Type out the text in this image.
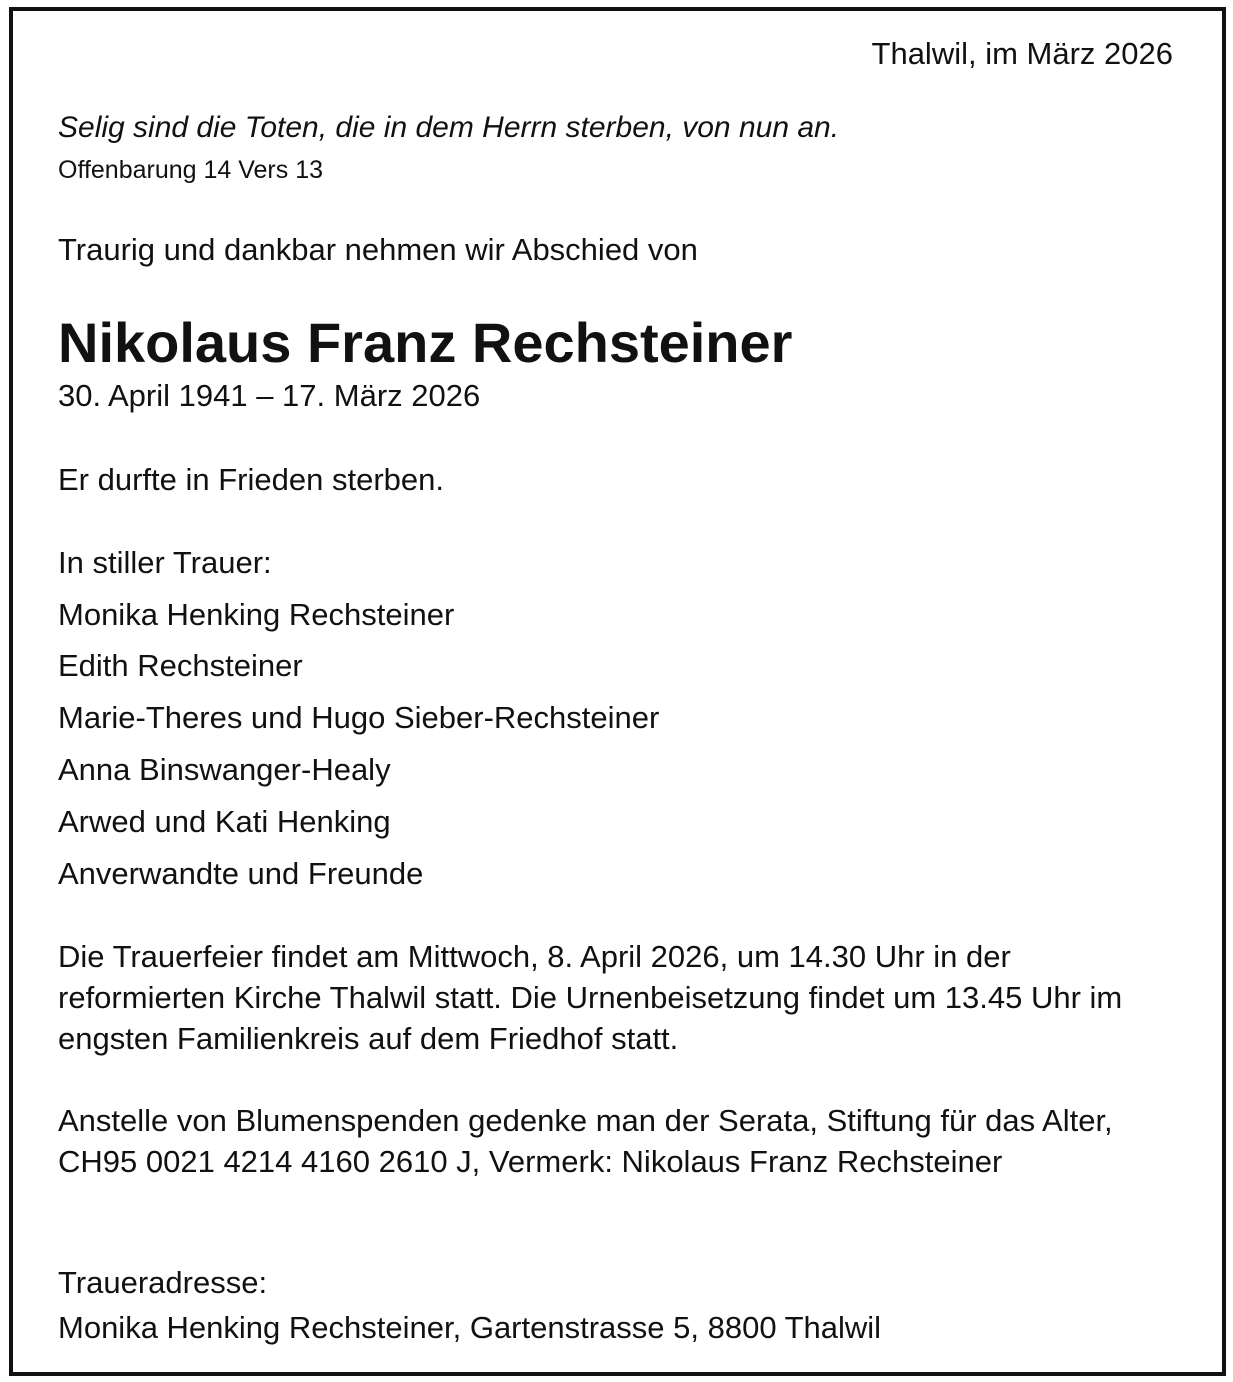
Thalwil, im März 2026

Selig sind die Toten, die in dem Herrn sterben, von nun an.

Offenbarung 14 Vers 13

Traurig und dankbar nehmen wir Abschied von

Nikolaus Franz Rechsteiner

30. April 1941 – 17. März 2026

Er durfte in Frieden sterben.

In stiller Trauer:

Monika Henking Rechsteiner

Edith Rechsteiner

Marie-Theres und Hugo Sieber-Rechsteiner

Anna Binswanger-Healy

Arwed und Kati Henking

Anverwandte und Freunde

Die Trauerfeier findet am Mittwoch, 8. April 2026, um 14.30 Uhr in der reformierten Kirche Thalwil statt. Die Urnenbeisetzung findet um 13.45 Uhr im engsten Familienkreis auf dem Friedhof statt.

Anstelle von Blumenspenden gedenke man der Serata, Stiftung für das Alter, CH95 0021 4214 4160 2610 J, Vermerk: Nikolaus Franz Rechsteiner

Traueradresse:

Monika Henking Rechsteiner, Gartenstrasse 5, 8800 Thalwil
